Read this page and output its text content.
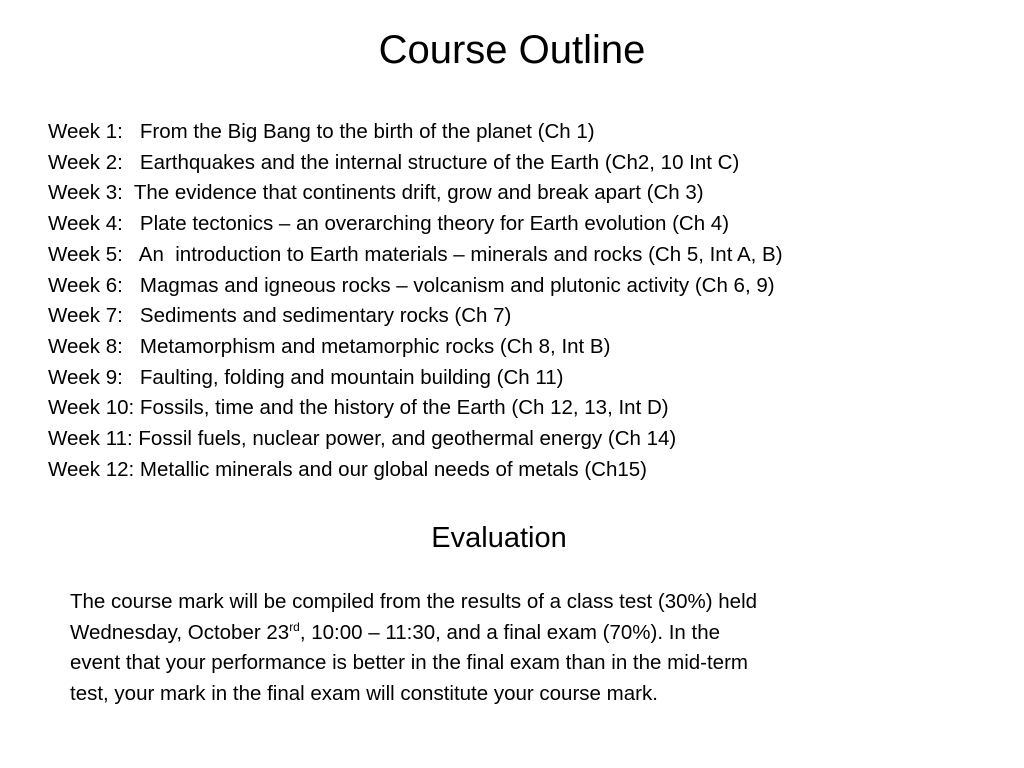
Course Outline
Week 1:   From the Big Bang to the birth of the planet (Ch 1)
Week 2:   Earthquakes and the internal structure of the Earth (Ch2, 10 Int C)
Week 3:  The evidence that continents drift, grow and break apart (Ch 3)
Week 4:   Plate tectonics – an overarching theory for Earth evolution (Ch 4)
Week 5:   An  introduction to Earth materials – minerals and rocks (Ch 5, Int A, B)
Week 6:   Magmas and igneous rocks – volcanism and plutonic activity (Ch 6, 9)
Week 7:   Sediments and sedimentary rocks (Ch 7)
Week 8:   Metamorphism and metamorphic rocks (Ch 8, Int B)
Week 9:   Faulting, folding and mountain building (Ch 11)
Week 10: Fossils, time and the history of the Earth (Ch 12, 13, Int D)
Week 11: Fossil fuels, nuclear power, and geothermal energy (Ch 14)
Week 12: Metallic minerals and our global needs of metals (Ch15)
Evaluation

The course mark will be compiled from the results of a class test (30%) held

Wednesday, October 23rd, 10:00 – 11:30, and a final exam (70%). In the

event that your performance is better in the final exam than in the mid-term

test, your mark in the final exam will constitute your course mark.
